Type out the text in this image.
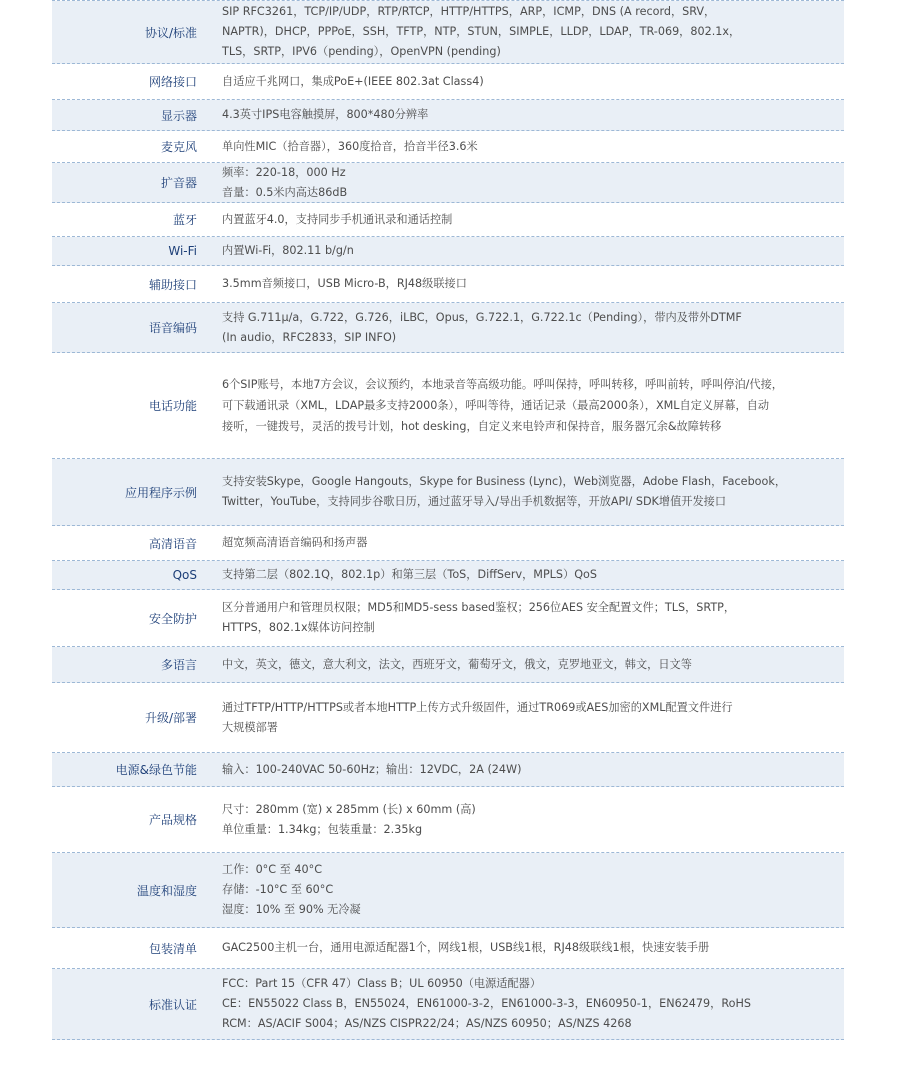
协议/标准
SIP RFC3261，TCP/IP/UDP，RTP/RTCP，HTTP/HTTPS，ARP，ICMP，DNS (A record，SRV，
NAPTR)，DHCP，PPPoE，SSH，TFTP，NTP，STUN，SIMPLE，LLDP，LDAP，TR-069，802.1x，
TLS，SRTP，IPV6（pending），OpenVPN (pending)
网络接口 自适应千兆网口，集成PoE+(IEEE 802.3at Class4)
显示器 4.3英寸IPS电容触摸屏，800*480分辨率
麦克风 单向性MIC（拾音器），360度拾音，拾音半径3.6米
扩音器
频率：220-18，000 Hz
音量：0.5米内高达86dB
蓝牙 内置蓝牙4.0，支持同步手机通讯录和通话控制
Wi-Fi 内置Wi-Fi，802.11 b/g/n
辅助接口 3.5mm音频接口，USB Micro-B，RJ48级联接口
语音编码
支持 G.711μ/a，G.722，G.726，iLBC，Opus，G.722.1，G.722.1c（Pending），带内及带外DTMF
(In audio，RFC2833，SIP INFO)
电话功能
6个SIP账号，本地7方会议，会议预约，本地录音等高级功能。呼叫保持，呼叫转移，呼叫前转，呼叫停泊/代接，
可下载通讯录（XML，LDAP最多支持2000条），呼叫等待，通话记录（最高2000条），XML自定义屏幕，自动
接听，一键拨号，灵活的拨号计划，hot desking，自定义来电铃声和保持音，服务器冗余&故障转移
应用程序示例
支持安装Skype，Google Hangouts，Skype for Business (Lync)，Web浏览器，Adobe Flash，Facebook，
Twitter，YouTube，支持同步谷歌日历，通过蓝牙导入/导出手机数据等，开放API/ SDK增值开发接口
高清语音 超宽频高清语音编码和扬声器
QoS 支持第二层（802.1Q，802.1p）和第三层（ToS，DiffServ，MPLS）QoS
安全防护
区分普通用户和管理员权限；MD5和MD5-sess based鉴权；256位AES 安全配置文件；TLS，SRTP，
HTTPS，802.1x媒体访问控制
多语言 中文，英文，德文，意大利文，法文，西班牙文，葡萄牙文，俄文，克罗地亚文，韩文，日文等
升级/部署
通过TFTP/HTTP/HTTPS或者本地HTTP上传方式升级固件，通过TR069或AES加密的XML配置文件进行
大规模部署
电源&绿色节能 输入：100-240VAC 50-60Hz；输出：12VDC，2A (24W)
产品规格
尺寸：280mm (宽) x 285mm (长) x 60mm (高)
单位重量：1.34kg；包装重量：2.35kg
温度和湿度
工作：0°C 至 40°C
存储：-10°C 至 60°C
湿度：10% 至 90% 无冷凝
包装清单 GAC2500主机一台，通用电源适配器1个，网线1根，USB线1根，RJ48级联线1根，快速安装手册
标准认证
FCC：Part 15（CFR 47）Class B；UL 60950（电源适配器）
CE：EN55022 Class B，EN55024，EN61000-3-2，EN61000-3-3，EN60950-1，EN62479，RoHS
RCM：AS/ACIF S004；AS/NZS CISPR22/24；AS/NZS 60950；AS/NZS 4268
